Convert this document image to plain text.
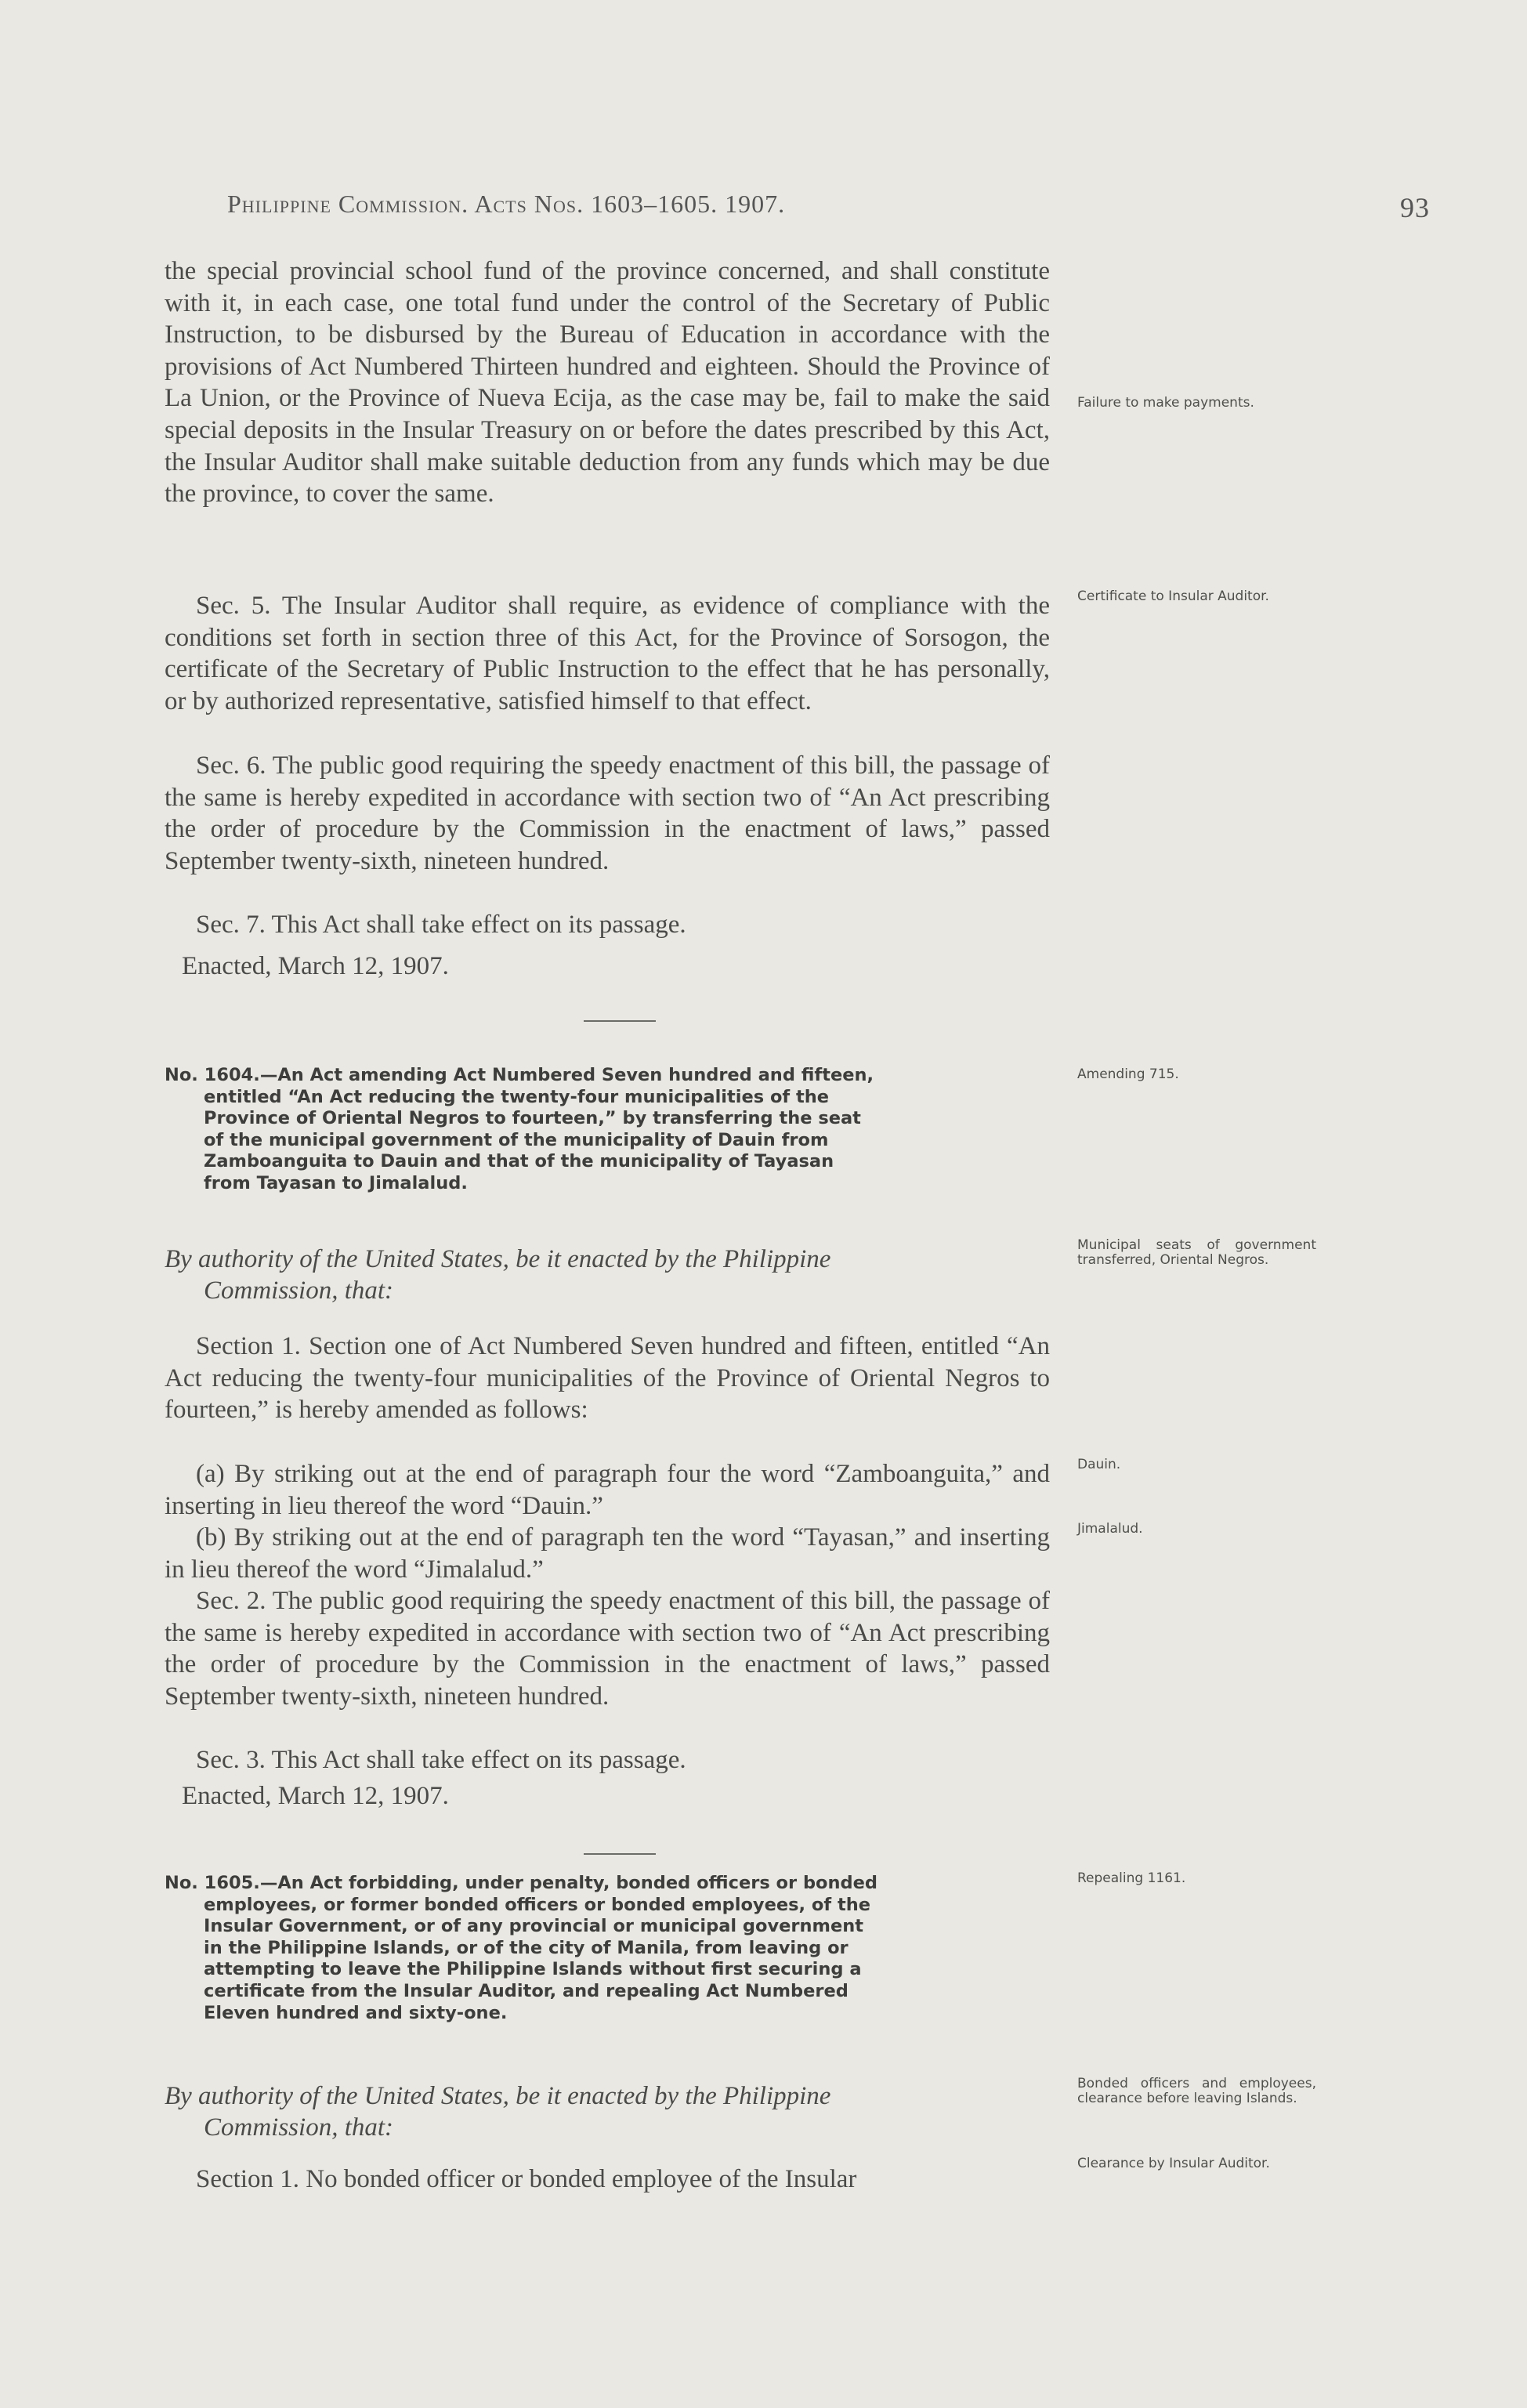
Philippine Commission. Acts Nos. 1603–1605. 1907.	93

the special provincial school fund of the province concerned, and shall constitute with it, in each case, one total fund under the control of the Secretary of Public Instruction, to be disbursed by the Bureau of Education in accordance with the provisions of Act Numbered Thirteen hundred and eighteen. Should the Province of La Union, or the Province of Nueva Ecija, as the case may be, fail to make the said special deposits in the Insular Treasury on or before the dates prescribed by this Act, the Insular Auditor shall make suitable deduction from any funds which may be due the province, to cover the same.

Sec. 5. The Insular Auditor shall require, as evidence of compliance with the conditions set forth in section three of this Act, for the Province of Sorsogon, the certificate of the Secretary of Public Instruction to the effect that he has personally, or by authorized representative, satisfied himself to that effect.

Sec. 6. The public good requiring the speedy enactment of this bill, the passage of the same is hereby expedited in accordance with section two of “An Act prescribing the order of procedure by the Commission in the enactment of laws,” passed September twenty-sixth, nineteen hundred.

Sec. 7. This Act shall take effect on its passage.

Enacted, March 12, 1907.

Failure to make payments.
Certificate to Insular Auditor.
No. 1604.—An Act amending Act Numbered Seven hundred and fifteen,
entitled “An Act reducing the twenty-four municipalities of the
Province of Oriental Negros to fourteen,” by transferring the seat
of the municipal government of the municipality of Dauin from
Zamboanguita to Dauin and that of the municipality of Tayasan
from Tayasan to Jimalalud.
Amending 715.

By authority of the United States, be it enacted by the Philippine
Commission, that:

Municipal seats of government transferred, Oriental Negros.

Section 1. Section one of Act Numbered Seven hundred and fifteen, entitled “An Act reducing the twenty-four municipalities of the Province of Oriental Negros to fourteen,” is hereby amended as follows:

(a) By striking out at the end of paragraph four the word “Zamboanguita,” and inserting in lieu thereof the word “Dauin.”

Dauin.

(b) By striking out at the end of paragraph ten the word “Tayasan,” and inserting in lieu thereof the word “Jimalalud.”

Jimalalud.

Sec. 2. The public good requiring the speedy enactment of this bill, the passage of the same is hereby expedited in accordance with section two of “An Act prescribing the order of procedure by the Commission in the enactment of laws,” passed September twenty-sixth, nineteen hundred.

Sec. 3. This Act shall take effect on its passage.

Enacted, March 12, 1907.

No. 1605.—An Act forbidding, under penalty, bonded officers or bonded
employees, or former bonded officers or bonded employees, of the
Insular Government, or of any provincial or municipal government
in the Philippine Islands, or of the city of Manila, from leaving or
attempting to leave the Philippine Islands without first securing a
certificate from the Insular Auditor, and repealing Act Numbered
Eleven hundred and sixty-one.
Repealing 1161.

By authority of the United States, be it enacted by the Philippine
Commission, that:

Bonded officers and employees, clearance before leaving Islands.

Section 1. No bonded officer or bonded employee of the Insular

Clearance by Insular Auditor.
